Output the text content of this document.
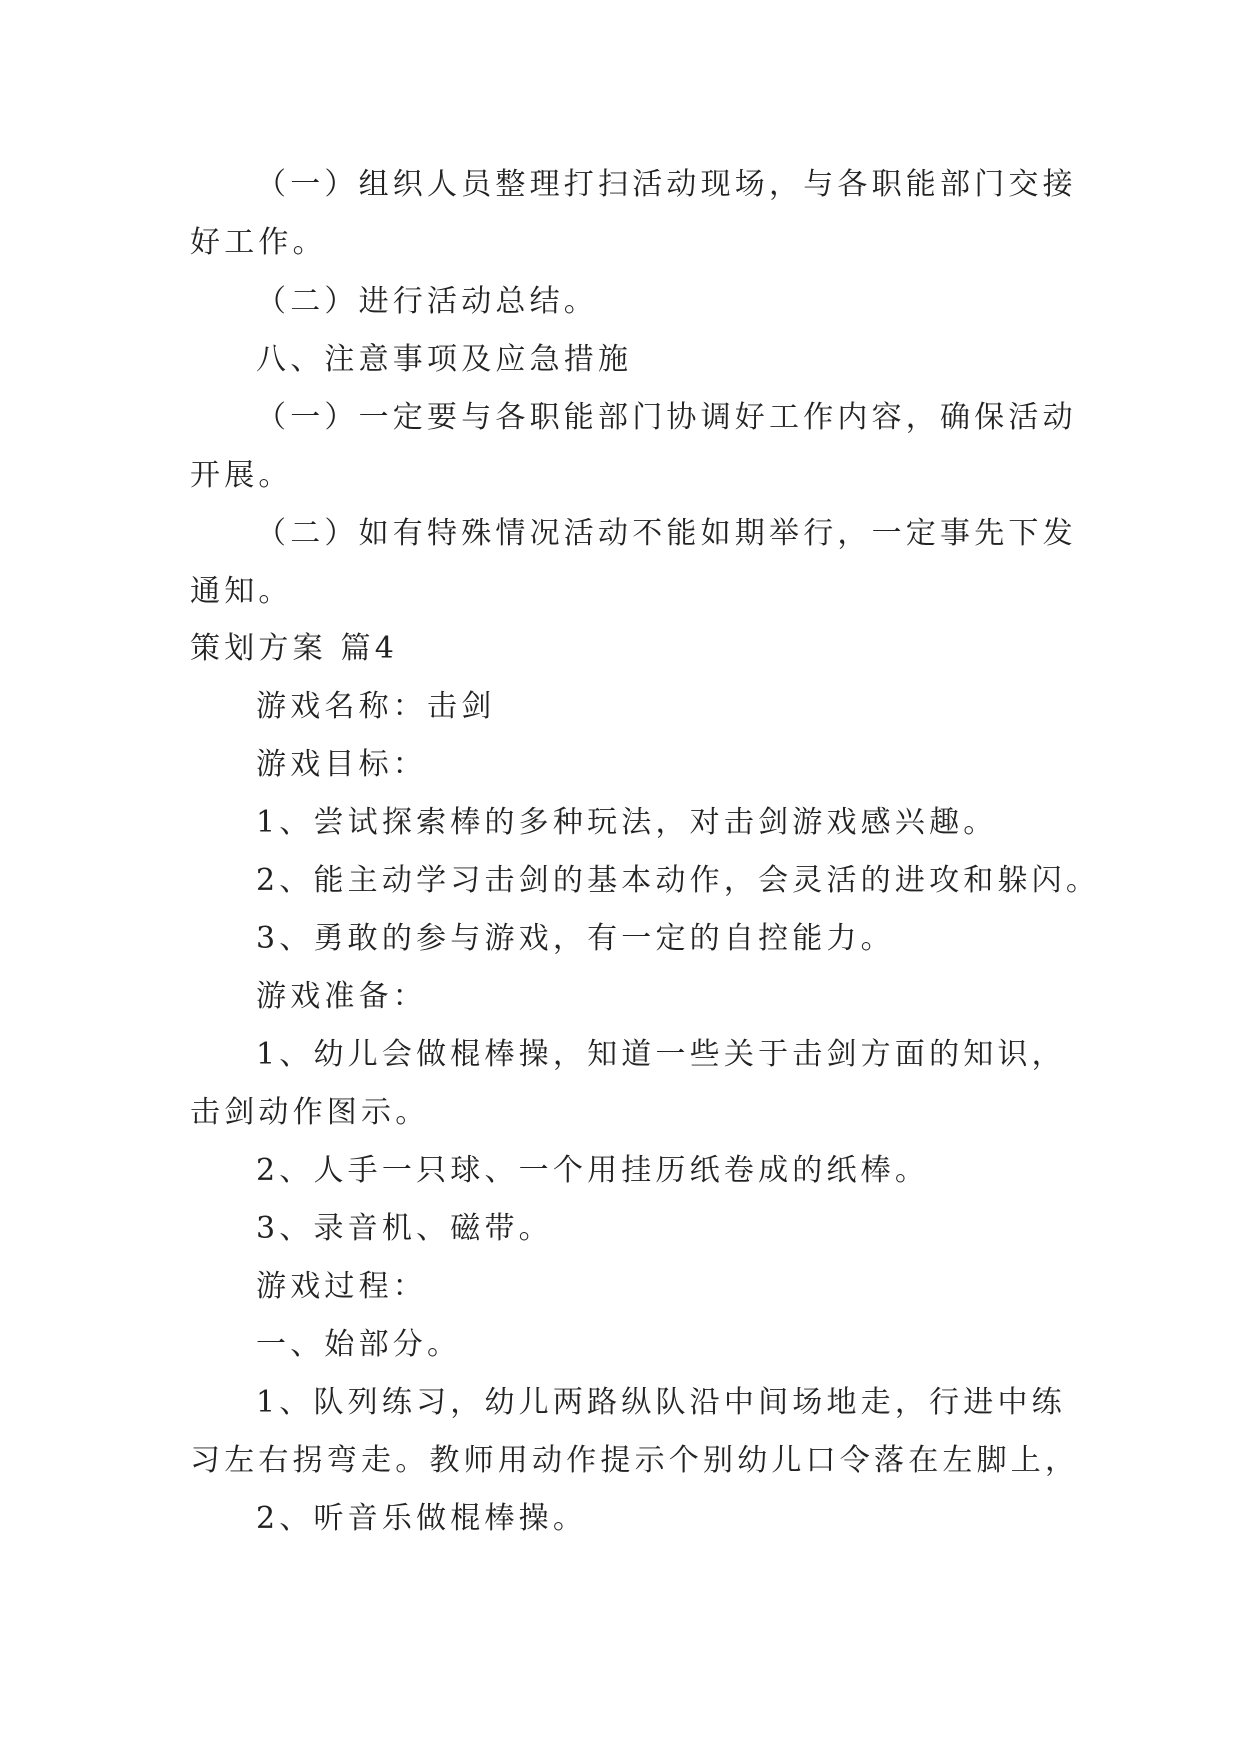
（一）组织人员整理打扫活动现场，与各职能部门交接
好工作。
（二）进行活动总结。
八、注意事项及应急措施
（一）一定要与各职能部门协调好工作内容，确保活动
开展。
（二）如有特殊情况活动不能如期举行，一定事先下发
通知。
策划方案 篇4
游戏名称：击剑
游戏目标：
1、尝试探索棒的多种玩法，对击剑游戏感兴趣。
2、能主动学习击剑的基本动作，会灵活的进攻和躲闪。
3、勇敢的参与游戏，有一定的自控能力。
游戏准备：
1、幼儿会做棍棒操，知道一些关于击剑方面的知识，
击剑动作图示。
2、人手一只球、一个用挂历纸卷成的纸棒。
3、录音机、磁带。
游戏过程：
一、始部分。
1、队列练习，幼儿两路纵队沿中间场地走，行进中练
习左右拐弯走。教师用动作提示个别幼儿口令落在左脚上，
2、听音乐做棍棒操。
